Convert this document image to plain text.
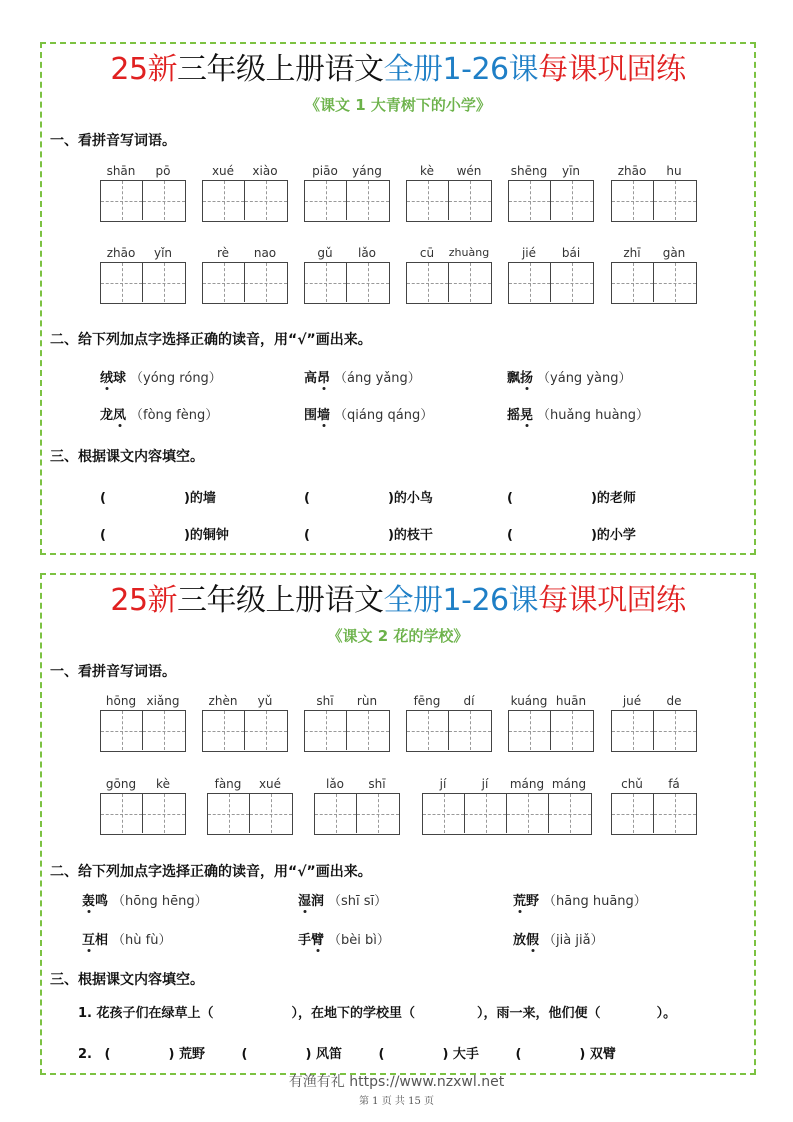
25新三年级上册语文全册1-26课每课巩固练
《课文 1 大青树下的小学》
一、看拼音写词语。
shān	pō	xué	xiào	piāo	yáng	kè	wén	shēng	yīn	zhāo	hu
zhāo	yǐn	rè	nao	gǔ	lǎo	cū	zhuàng	jié	bái	zhī	gàn
二、给下列加点字选择正确的读音，用“√”画出来。
绒球 （yóng róng）	高昂 （áng yǎng）	飘扬 （yáng yàng）
龙凤 （fòng fèng）	围墙 （qiáng qáng）	摇晃 （huǎng huàng）
三、根据课文内容填空。
(	)的墙	(	)的小鸟	(	)的老师
(	)的铜钟	(	)的枝干	(	)的小学
25新三年级上册语文全册1-26课每课巩固练
《课文 2 花的学校》
一、看拼音写词语。
hōng xiǎng	zhèn	yǔ	shī	rùn	fēng	dí	kuáng huān	jué	de
gōng	kè	fàng	xué	lǎo	shī	jí	jí	máng máng	chǔ	fá
二、给下列加点字选择正确的读音，用“√”画出来。
轰鸣 （hōng hēng）	湿润 （shī sī）	荒野 （hāng huāng）
互相 （hù fù）	手臂 （bèi bì）	放假 （jià jiǎ）
三、根据课文内容填空。
1. 花孩子们在绿草上（	），在地下的学校里（	），雨一来，他们便（	）。
2. (	) 荒野	(	) 风笛	(	) 大手	(	) 双臂
有渔有礼 https://www.nzxwl.net
第 1 页 共 15 页
